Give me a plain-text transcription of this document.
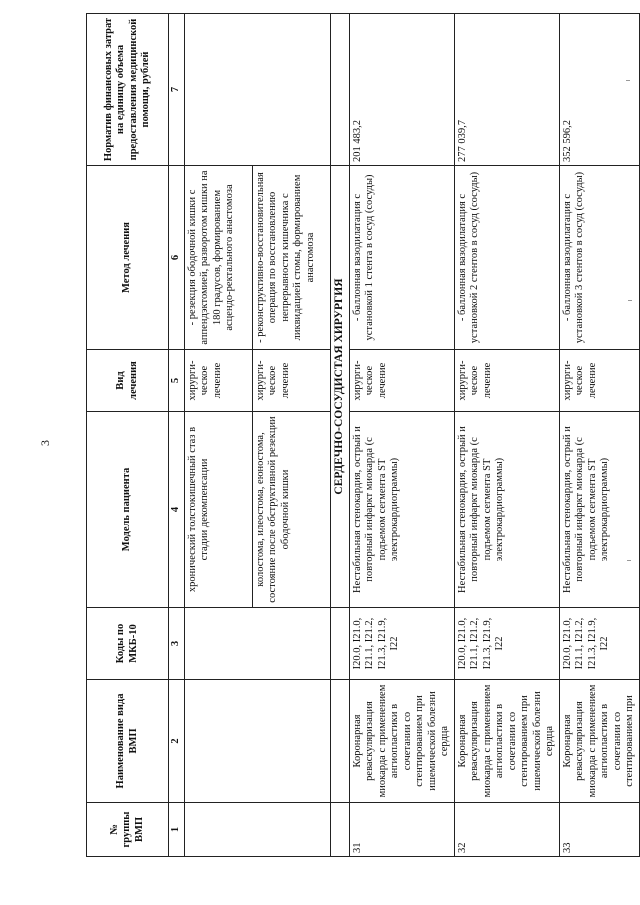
3
№ группы ВМП	Наименование вида ВМП	Коды по МКБ-10	Модель пациента	Вид лечения	Метод лечения	Норматив финансовых затрат на единицу объема предоставления медицинской помощи, рублей
1	2	3	4	5	6	7
			хронический толстокишечный стаз в стадии декомпенсации	хирурги-ческое лечение	- резекция ободочной кишки с аппендэктомией, разворотом кишки на 180 градусов, формированием асцендо-ректального анастомоза	
			колостома, илеостома, еюностома, состояние после обструктивной резекции ободочной кишки	хирурги-ческое лечение	- реконструктивно-восстановительная операция по восстановлению непрерывности кишечника с ликвидацией стомы, формированием анастомоза	
			СЕРДЕЧНО-СОСУДИСТАЯ ХИРУРГИЯ			
31	Коронарная реваскуляризация миокарда с применением ангиопластики в сочетании со стентированием при ишемической болезни сердца	I20.0, I21.0, I21.1, I21.2, I21.3, I21.9, I22	Нестабильная стенокардия, острый и повторный инфаркт миокарда (с подъемом сегмента ST электрокардиограммы)	хирурги-ческое лечение	- баллонная вазодилатация с установкой 1 стента в сосуд (сосуды)	201 483,2
32	Коронарная реваскуляризация миокарда с применением ангиопластики в сочетании со стентированием при ишемической болезни сердца	I20.0, I21.0, I21.1, I21.2, I21.3, I21.9, I22	Нестабильная стенокардия, острый и повторный инфаркт миокарда (с подъемом сегмента ST электрокардиограммы)	хирурги-ческое лечение	- баллонная вазодилатация с установкой 2 стентов в сосуд (сосуды)	277 039,7
33	Коронарная реваскуляризация миокарда с применением ангиопластики в сочетании со стентированием при	I20.0, I21.0, I21.1, I21.2, I21.3, I21.9, I22	Нестабильная стенокардия, острый и повторный инфаркт миокарда (с подъемом сегмента ST электрокардиограммы)	хирурги-ческое лечение	- баллонная вазодилатация с установкой 3 стентов в сосуд (сосуды)	352 596,2
